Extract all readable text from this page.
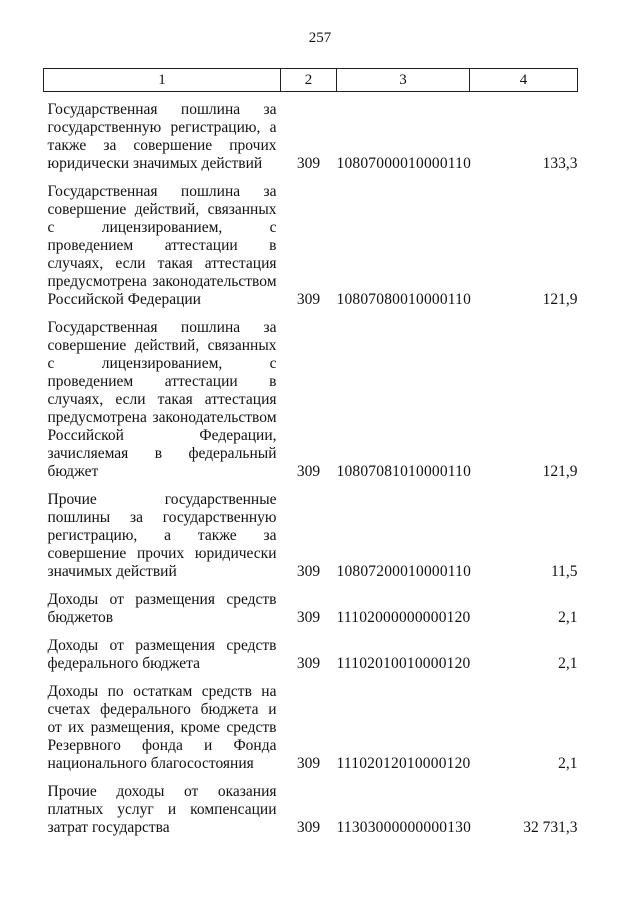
257
1	2	3	4
Государственная пошлина за государственную регистрацию, а также за совершение прочих юридически значимых действий	309	10807000010000110	133,3
Государственная пошлина за совершение действий, связанных с лицензированием, с проведением аттестации в случаях, если такая аттестация предусмотрена законодательством Российской Федерации	309	10807080010000110	121,9
Государственная пошлина за совершение действий, связанных с лицензированием, с проведением аттестации в случаях, если такая аттестация предусмотрена законодательством Российской Федерации, зачисляемая в федеральный бюджет	309	10807081010000110	121,9
Прочие государственные пошлины за государственную регистрацию, а также за совершение прочих юридически значимых действий	309	10807200010000110	11,5
Доходы от размещения средств бюджетов	309	11102000000000120	2,1
Доходы от размещения средств федерального бюджета	309	11102010010000120	2,1
Доходы по остаткам средств на счетах федерального бюджета и от их размещения, кроме средств Резервного фонда и Фонда национального благосостояния	309	11102012010000120	2,1
Прочие доходы от оказания платных услуг и компенсации затрат государства	309	11303000000000130	32 731,3
